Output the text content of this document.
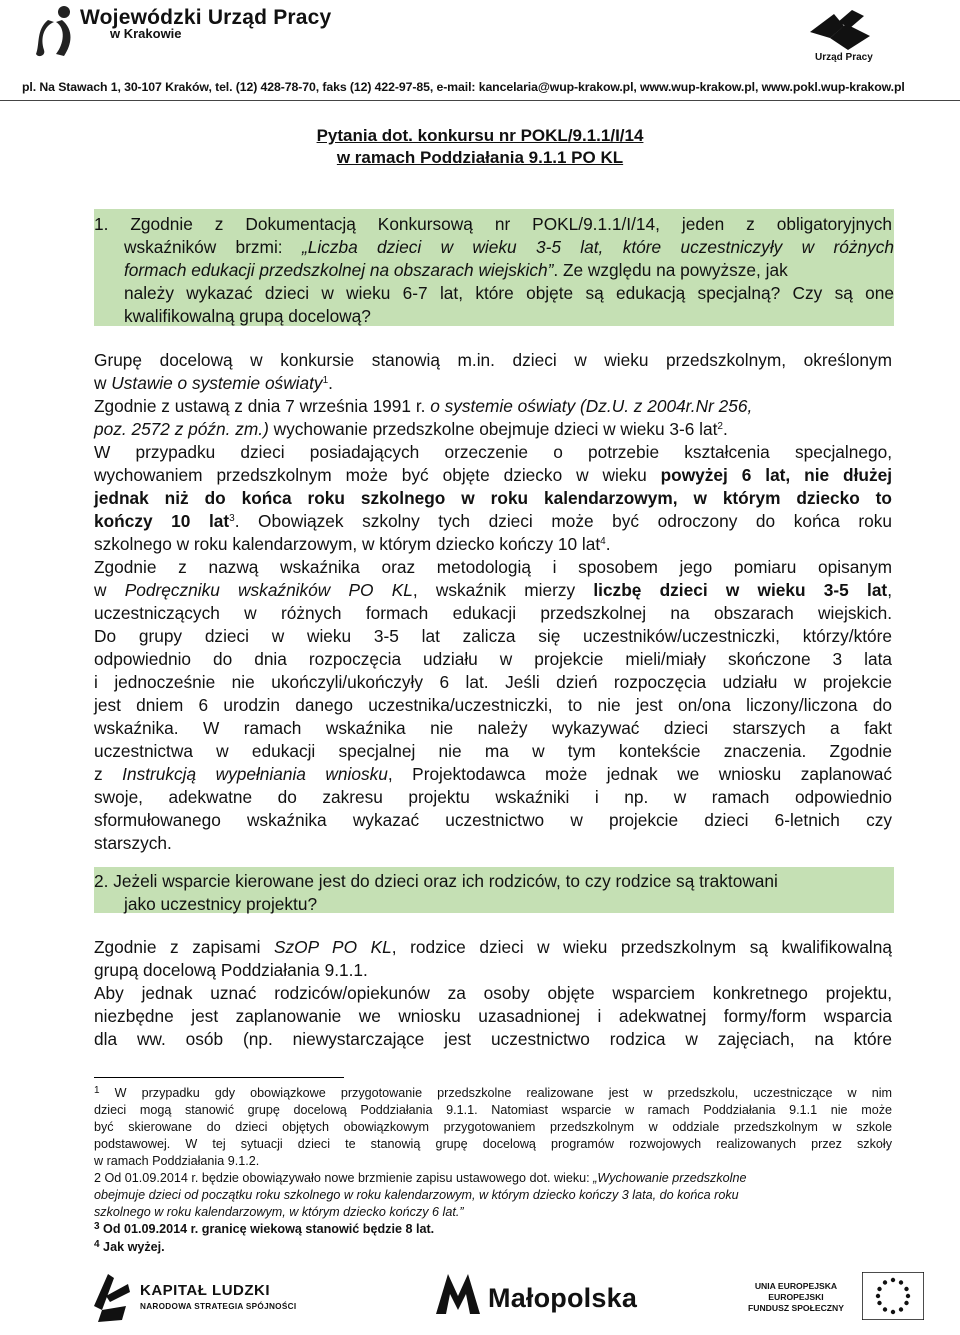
Wojewódzki Urząd Pracy
w Krakowie
Urząd Pracy
pl. Na Stawach 1, 30-107 Kraków, tel. (12) 428-78-70, faks (12) 422-97-85, e-mail: kancelaria@wup-krakow.pl, www.wup-krakow.pl, www.pokl.wup-krakow.pl
Pytania dot. konkursu nr POKL/9.1.1/I/14
w ramach Poddziałania 9.1.1 PO KL
1. Zgodnie z Dokumentacją Konkursową nr POKL/9.1.1/I/14, jeden z obligatoryjnych
wskaźników brzmi: „Liczba dzieci w wieku 3-5 lat, które uczestniczyły w różnych
formach edukacji przedszkolnej na obszarach wiejskich”. Ze względu na powyższe, jak
należy wykazać dzieci w wieku 6-7 lat, które objęte są edukacją specjalną? Czy są one
kwalifikowalną grupą docelową?
Grupę docelową w konkursie stanowią m.in. dzieci w wieku przedszkolnym, określonym
w Ustawie o systemie oświaty$^1$.
Zgodnie z ustawą z dnia 7 września 1991 r. o systemie oświaty (Dz.U. z 2004r.Nr 256,
poz. 2572 z późn. zm.) wychowanie przedszkolne obejmuje dzieci w wieku 3-6 lat$^2$.
W przypadku dzieci posiadających orzeczenie o potrzebie kształcenia specjalnego,
wychowaniem przedszkolnym może być objęte dziecko w wieku powyżej 6 lat, nie dłużej
jednak niż do końca roku szkolnego w roku kalendarzowym, w którym dziecko to
kończy 10 lat$^3$. Obowiązek szkolny tych dzieci może być odroczony do końca roku
szkolnego w roku kalendarzowym, w którym dziecko kończy 10 lat$^4$.
Zgodnie z nazwą wskaźnika oraz metodologią i sposobem jego pomiaru opisanym
w Podręczniku wskaźników PO KL, wskaźnik mierzy liczbę dzieci w wieku 3-5 lat,
uczestniczących w różnych formach edukacji przedszkolnej na obszarach wiejskich.
Do grupy dzieci w wieku 3-5 lat zalicza się uczestników/uczestniczki, którzy/które
odpowiednio do dnia rozpoczęcia udziału w projekcie mieli/miały skończone 3 lata
i jednocześnie nie ukończyli/ukończyły 6 lat. Jeśli dzień rozpoczęcia udziału w projekcie
jest dniem 6 urodzin danego uczestnika/uczestniczki, to nie jest on/ona liczony/liczona do
wskaźnika. W ramach wskaźnika nie należy wykazywać dzieci starszych a fakt
uczestnictwa w edukacji specjalnej nie ma w tym kontekście znaczenia. Zgodnie
z Instrukcją wypełniania wniosku, Projektodawca może jednak we wniosku zaplanować
swoje, adekwatne do zakresu projektu wskaźniki i np. w ramach odpowiednio
sformułowanego wskaźnika wykazać uczestnictwo w projekcie dzieci 6-letnich czy
starszych.
2. Jeżeli wsparcie kierowane jest do dzieci oraz ich rodziców, to czy rodzice są traktowani
jako uczestnicy projektu?
Zgodnie z zapisami SzOP PO KL, rodzice dzieci w wieku przedszkolnym są kwalifikowalną
grupą docelową Poddziałania 9.1.1.
Aby jednak uznać rodziców/opiekunów za osoby objęte wsparciem konkretnego projektu,
niezbędne jest zaplanowanie we wniosku uzasadnionej i adekwatnej formy/form wsparcia
dla ww. osób (np. niewystarczające jest uczestnictwo rodzica w zajęciach, na które
$^1$ W przypadku gdy obowiązkowe przygotowanie przedszkolne realizowane jest w przedszkolu, uczestniczące w nim
dzieci mogą stanowić grupę docelową Poddziałania 9.1.1. Natomiast wsparcie w ramach Poddziałania 9.1.1 nie może
być skierowane do dzieci objętych obowiązkowym przygotowaniem przedszkolnym w oddziale przedszkolnym w szkole
podstawowej. W tej sytuacji dzieci te stanowią grupę docelową programów rozwojowych realizowanych przez szkoły
w ramach Poddziałania 9.1.2.
2 Od 01.09.2014 r. będzie obowiązywało nowe brzmienie zapisu ustawowego dot. wieku: „Wychowanie przedszkolne
obejmuje dzieci od początku roku szkolnego w roku kalendarzowym, w którym dziecko kończy 3 lata, do końca roku
szkolnego w roku kalendarzowym, w którym dziecko kończy 6 lat.”
$^3$ Od 01.09.2014 r. granicę wiekową stanowić będzie 8 lat.
$^4$ Jak wyżej.
KAPITAŁ LUDZKI
NARODOWA STRATEGIA SPÓJNOŚCI	Małopolska	UNIA EUROPEJSKA
EUROPEJSKI
FUNDUSZ SPOŁECZNY
